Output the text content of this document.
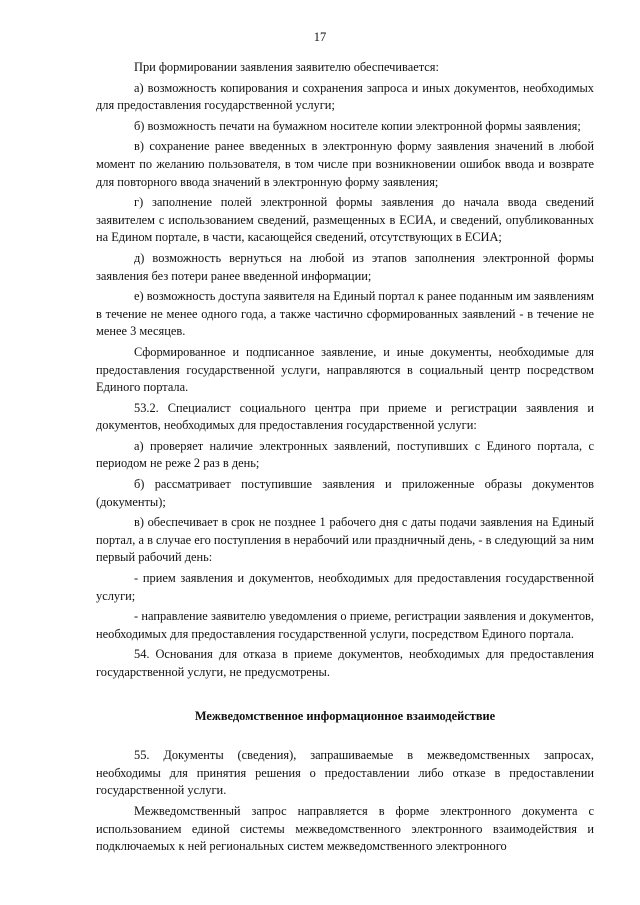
17

При формировании заявления заявителю обеспечивается:

а) возможность копирования и сохранения запроса и иных документов, необходимых для предоставления государственной услуги;

б) возможность печати на бумажном носителе копии электронной формы заявления;

в) сохранение ранее введенных в электронную форму заявления значений в любой момент по желанию пользователя, в том числе при возникновении ошибок ввода и возврате для повторного ввода значений в электронную форму заявления;

г) заполнение полей электронной формы заявления до начала ввода сведений заявителем с использованием сведений, размещенных в ЕСИА, и сведений, опубликованных на Едином портале, в части, касающейся сведений, отсутствующих в ЕСИА;

д) возможность вернуться на любой из этапов заполнения электронной формы заявления без потери ранее введенной информации;

е) возможность доступа заявителя на Единый портал к ранее поданным им заявлениям в течение не менее одного года, а также частично сформированных заявлений - в течение не менее 3 месяцев.

Сформированное и подписанное заявление, и иные документы, необходимые для предоставления государственной услуги, направляются в социальный центр посредством Единого портала.

53.2. Специалист социального центра при приеме и регистрации заявления и документов, необходимых для предоставления государственной услуги:

а) проверяет наличие электронных заявлений, поступивших с Единого портала, с периодом не реже 2 раз в день;

б) рассматривает поступившие заявления и приложенные образы документов (документы);

в) обеспечивает в срок не позднее 1 рабочего дня с даты подачи заявления на Единый портал, а в случае его поступления в нерабочий или праздничный день, - в следующий за ним первый рабочий день:

- прием заявления и документов, необходимых для предоставления государственной услуги;

- направление заявителю уведомления о приеме, регистрации заявления и документов, необходимых для предоставления государственной услуги, посредством Единого портала.

54. Основания для отказа в приеме документов, необходимых для предоставления государственной услуги, не предусмотрены.

Межведомственное информационное взаимодействие

55. Документы (сведения), запрашиваемые в межведомственных запросах, необходимы для принятия решения о предоставлении либо отказе в предоставлении государственной услуги.

Межведомственный запрос направляется в форме электронного документа с использованием единой системы межведомственного электронного взаимодействия и подключаемых к ней региональных систем межведомственного электронного
